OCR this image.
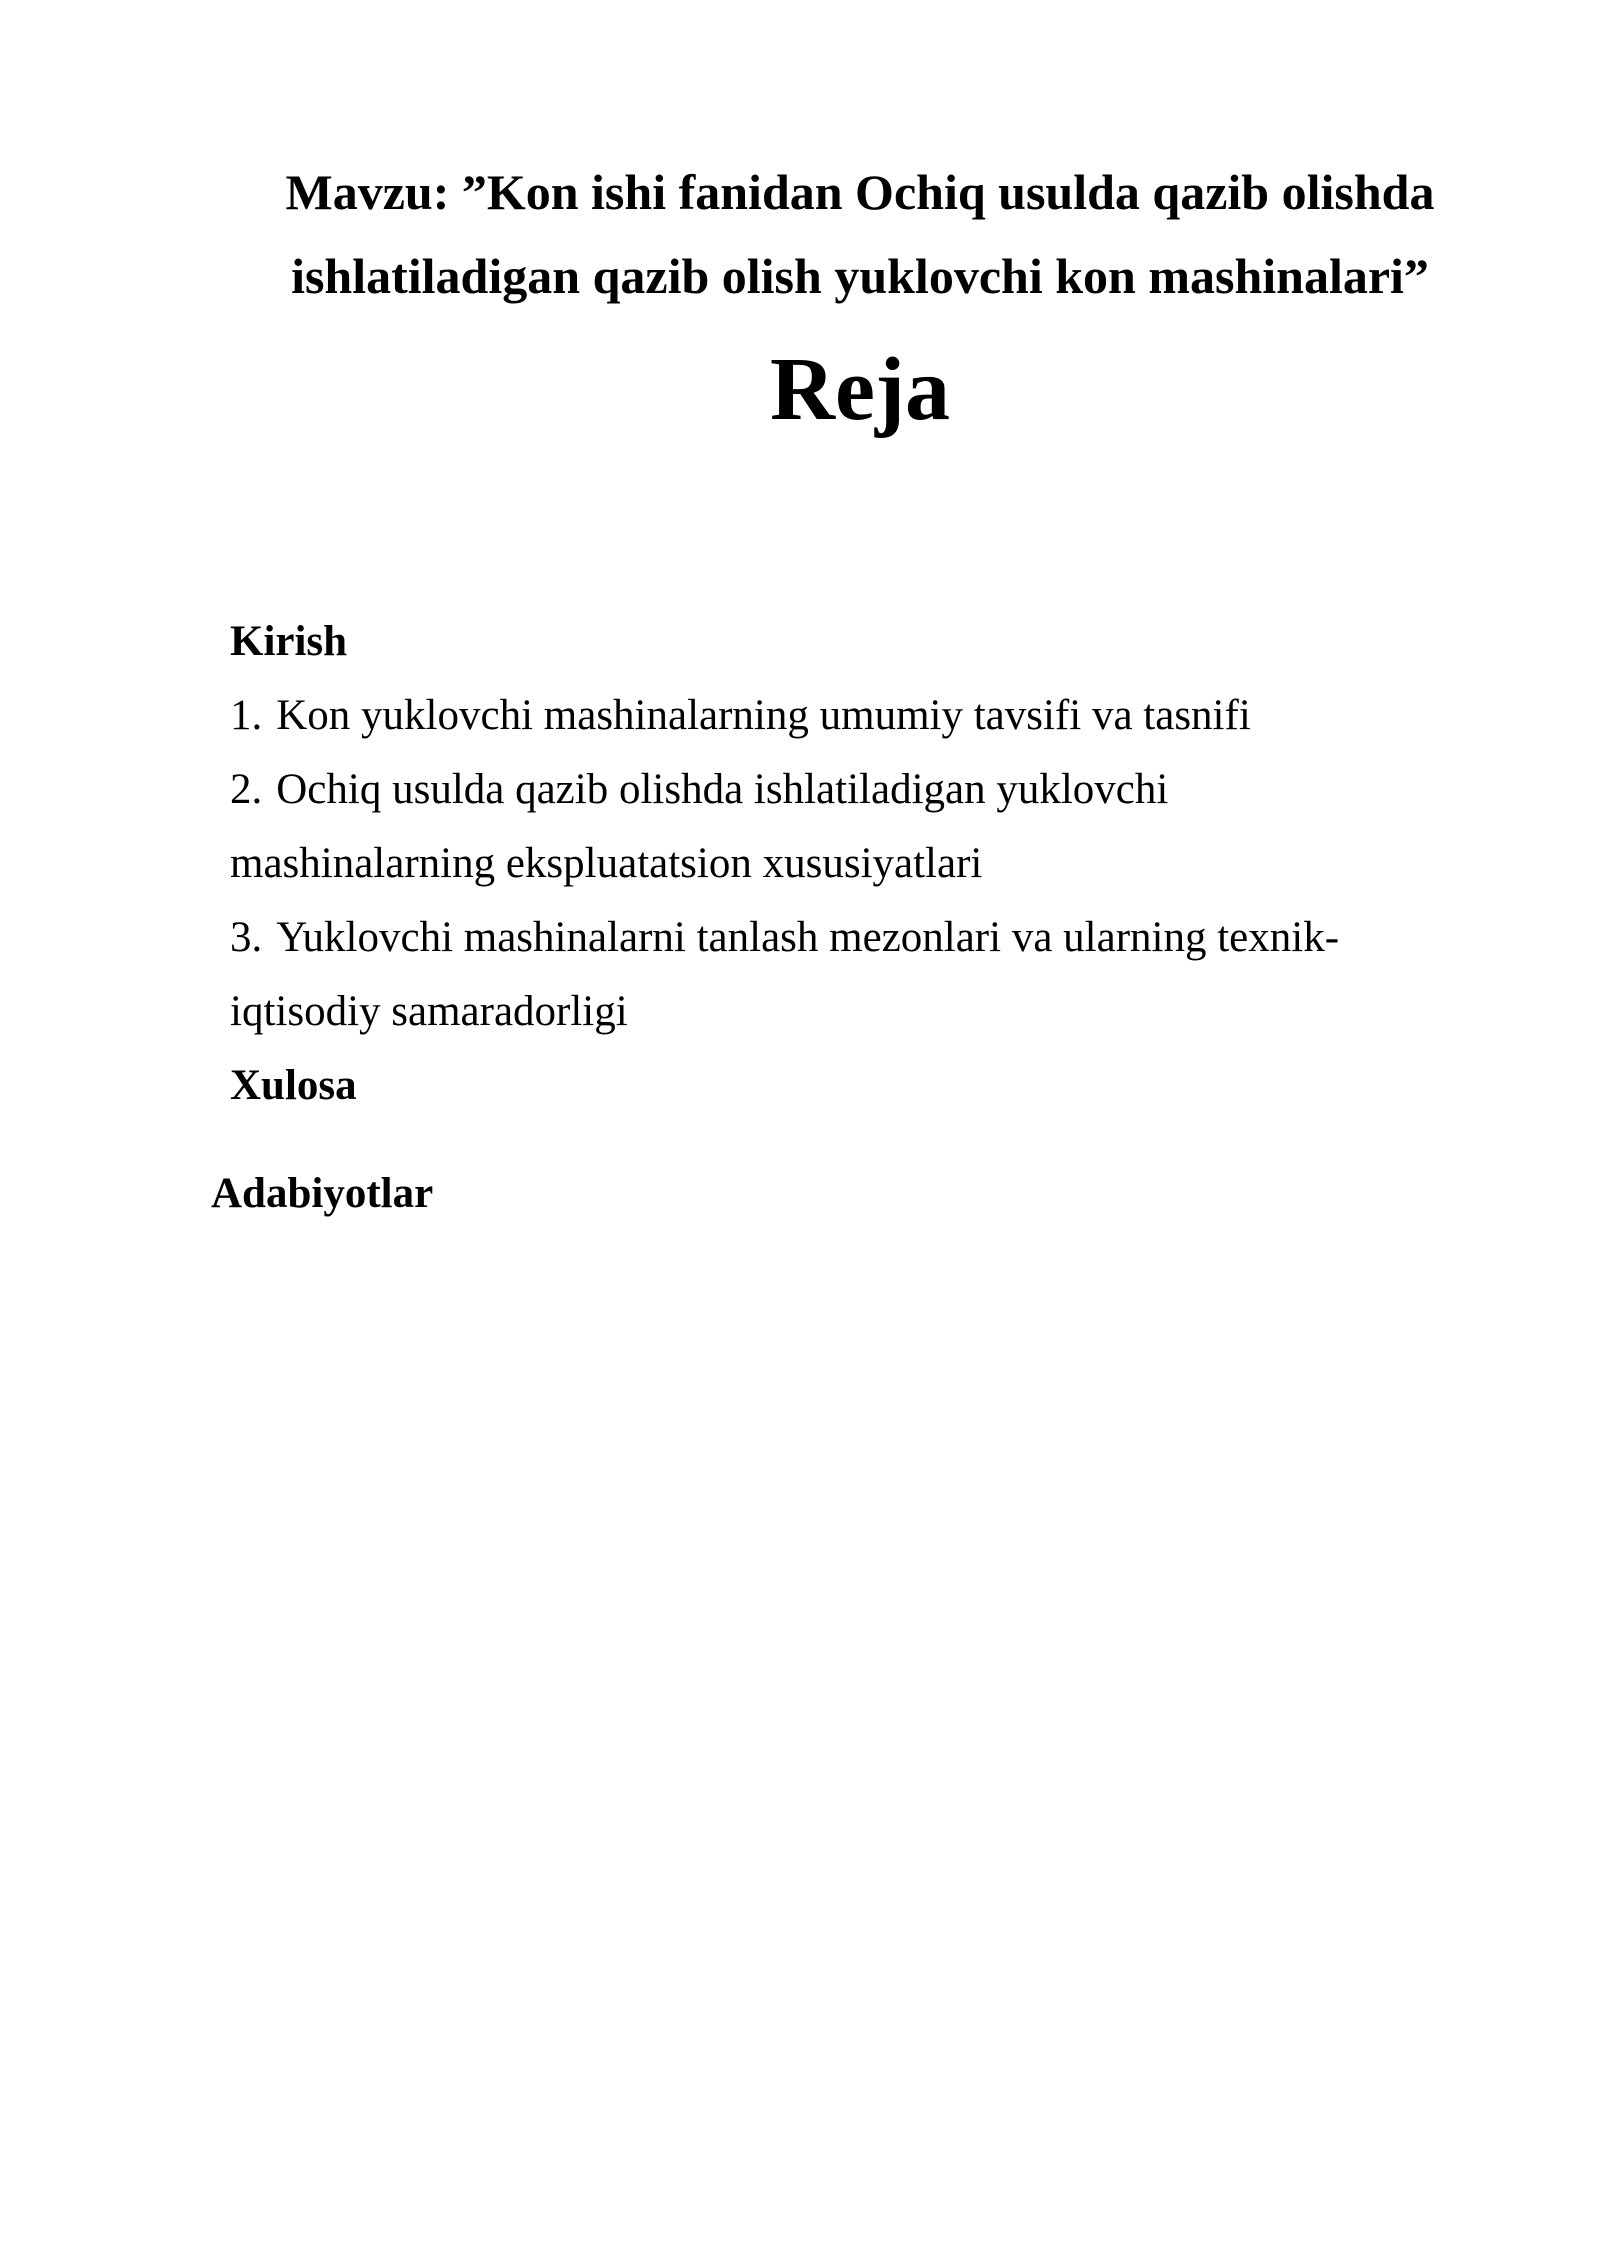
Mavzu: ”Kon ishi fanidan Ochiq usulda qazib olishda ishlatiladigan qazib olish yuklovchi kon mashinalari”
Reja
Kirish
1. Kon yuklovchi mashinalarning umumiy tavsifi va tasnifi
2. Ochiq usulda qazib olishda ishlatiladigan yuklovchi mashinalarning ekspluatatsion xususiyatlari
3. Yuklovchi mashinalarni tanlash mezonlari va ularning texnik-iqtisodiy samaradorligi
Xulosa

Adabiyotlar
